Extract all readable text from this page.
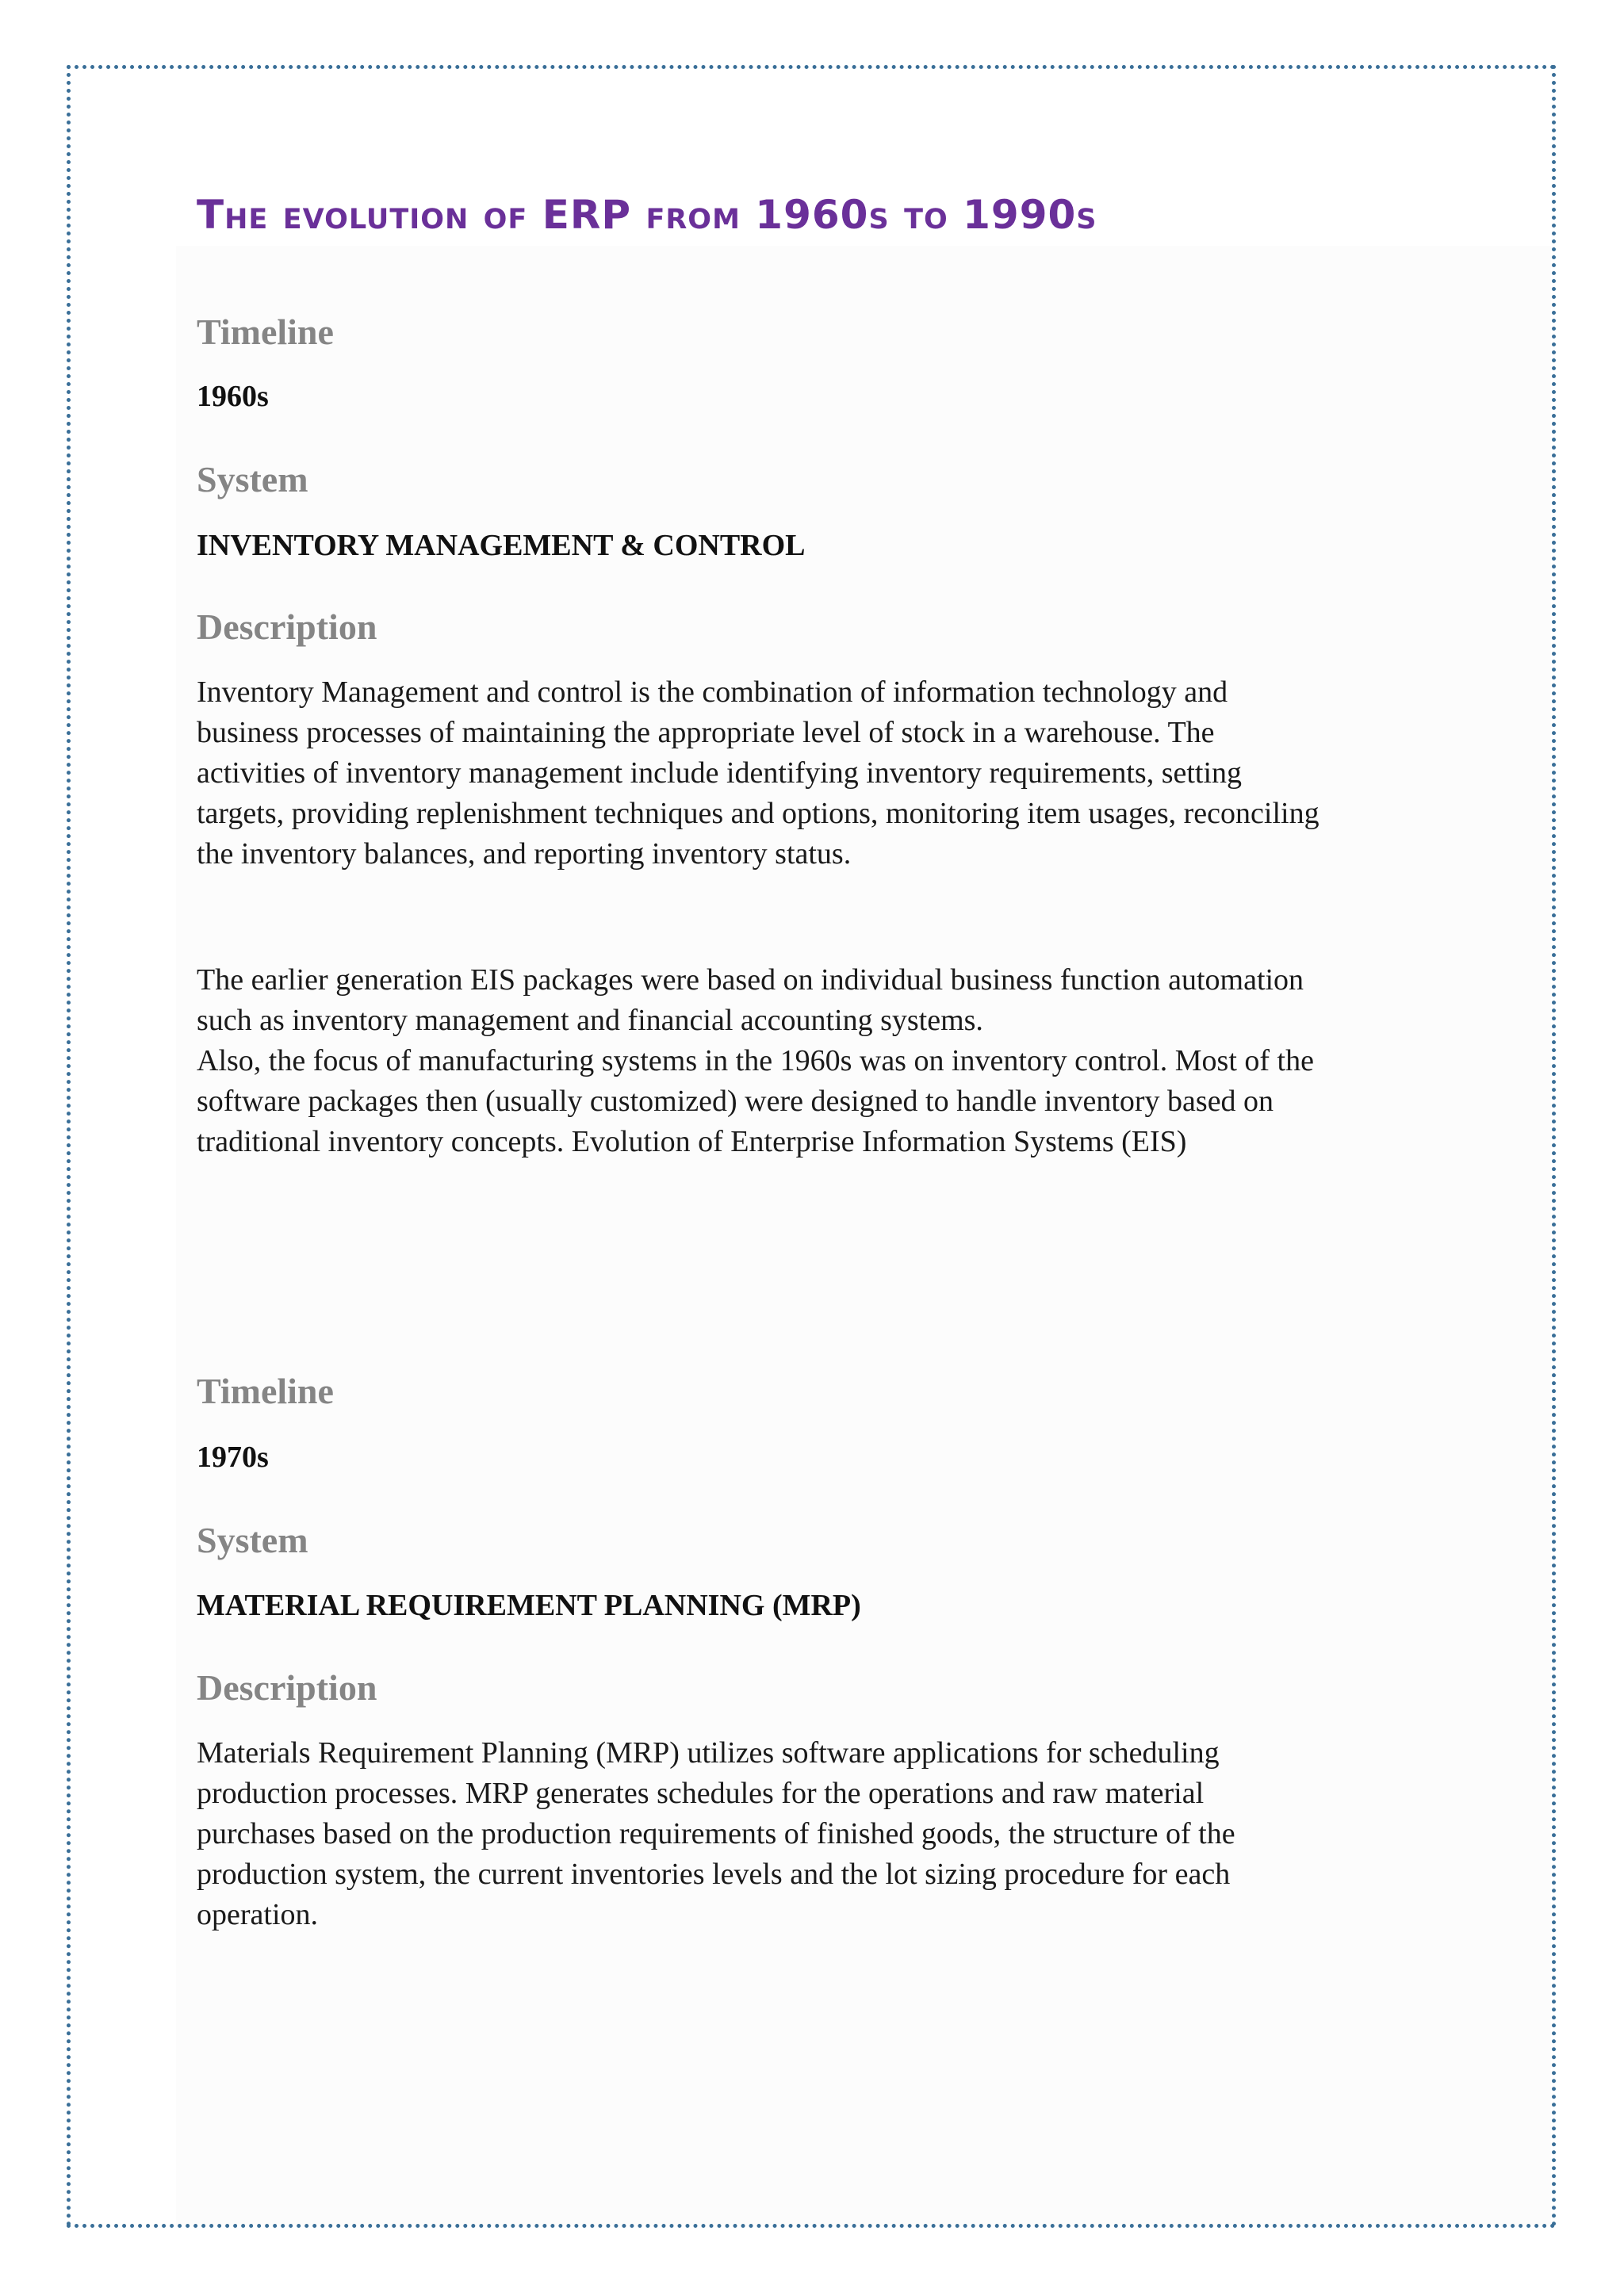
The evolution of ERP from 1960s to 1990s
Timeline

1960s

System

INVENTORY MANAGEMENT & CONTROL

Description
Inventory Management and control is the combination of information technology and
business processes of maintaining the appropriate level of stock in a warehouse. The
activities of inventory management include identifying inventory requirements, setting
targets, providing replenishment techniques and options, monitoring item usages, reconciling
the inventory balances, and reporting inventory status.
The earlier generation EIS packages were based on individual business function automation
such as inventory management and financial accounting systems.
Also, the focus of manufacturing systems in the 1960s was on inventory control. Most of the
software packages then (usually customized) were designed to handle inventory based on
traditional inventory concepts. Evolution of Enterprise Information Systems (EIS)
Timeline

1970s

System

MATERIAL REQUIREMENT PLANNING (MRP)

Description
Materials Requirement Planning (MRP) utilizes software applications for scheduling
production processes. MRP generates schedules for the operations and raw material
purchases based on the production requirements of finished goods, the structure of the
production system, the current inventories levels and the lot sizing procedure for each
operation.
